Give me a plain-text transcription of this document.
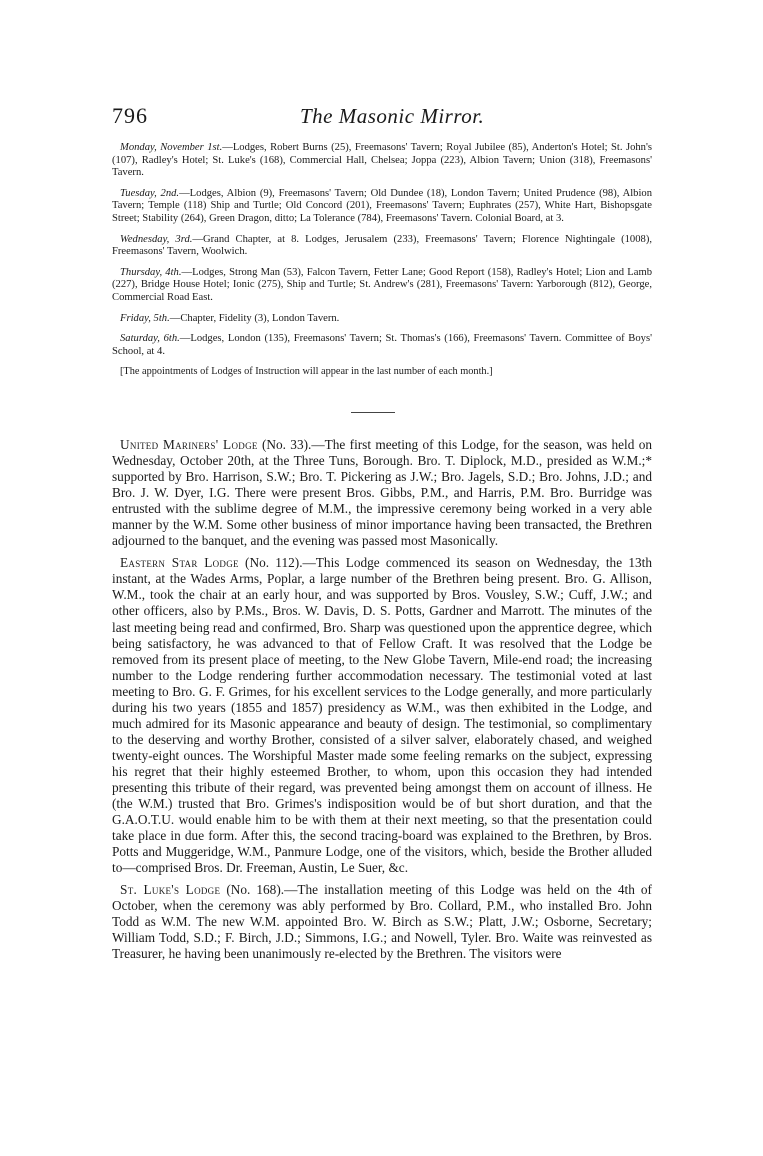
796	The Masonic Mirror.

Monday, November 1st.—Lodges, Robert Burns (25), Freemasons' Tavern; Royal Jubilee (85), Anderton's Hotel; St. John's (107), Radley's Hotel; St. Luke's (168), Commercial Hall, Chelsea; Joppa (223), Albion Tavern; Union (318), Freemasons' Tavern.

Tuesday, 2nd.—Lodges, Albion (9), Freemasons' Tavern; Old Dundee (18), London Tavern; United Prudence (98), Albion Tavern; Temple (118) Ship and Turtle; Old Concord (201), Freemasons' Tavern; Euphrates (257), White Hart, Bishopsgate Street; Stability (264), Green Dragon, ditto; La Tolerance (784), Freemasons' Tavern. Colonial Board, at 3.

Wednesday, 3rd.—Grand Chapter, at 8. Lodges, Jerusalem (233), Freemasons' Tavern; Florence Nightingale (1008), Freemasons' Tavern, Woolwich.

Thursday, 4th.—Lodges, Strong Man (53), Falcon Tavern, Fetter Lane; Good Report (158), Radley's Hotel; Lion and Lamb (227), Bridge House Hotel; Ionic (275), Ship and Turtle; St. Andrew's (281), Freemasons' Tavern: Yarborough (812), George, Commercial Road East.

Friday, 5th.—Chapter, Fidelity (3), London Tavern.

Saturday, 6th.—Lodges, London (135), Freemasons' Tavern; St. Thomas's (166), Freemasons' Tavern. Committee of Boys' School, at 4.

[The appointments of Lodges of Instruction will appear in the last number of each month.]

United Mariners' Lodge (No. 33).—The first meeting of this Lodge, for the season, was held on Wednesday, October 20th, at the Three Tuns, Borough. Bro. T. Diplock, M.D., presided as W.M.;* supported by Bro. Harrison, S.W.; Bro. T. Pickering as J.W.; Bro. Jagels, S.D.; Bro. Johns, J.D.; and Bro. J. W. Dyer, I.G. There were present Bros. Gibbs, P.M., and Harris, P.M. Bro. Burridge was entrusted with the sublime degree of M.M., the impressive ceremony being worked in a very able manner by the W.M. Some other business of minor importance having been transacted, the Brethren adjourned to the banquet, and the evening was passed most Masonically.

Eastern Star Lodge (No. 112).—This Lodge commenced its season on Wednesday, the 13th instant, at the Wades Arms, Poplar, a large number of the Brethren being present. Bro. G. Allison, W.M., took the chair at an early hour, and was supported by Bros. Vousley, S.W.; Cuff, J.W.; and other officers, also by P.Ms., Bros. W. Davis, D. S. Potts, Gardner and Marrott. The minutes of the last meeting being read and confirmed, Bro. Sharp was questioned upon the apprentice degree, which being satisfactory, he was advanced to that of Fellow Craft. It was resolved that the Lodge be removed from its present place of meeting, to the New Globe Tavern, Mile-end road; the increasing number to the Lodge rendering further accommodation necessary. The testimonial voted at last meeting to Bro. G. F. Grimes, for his excellent services to the Lodge generally, and more particularly during his two years (1855 and 1857) presidency as W.M., was then exhibited in the Lodge, and much admired for its Masonic appearance and beauty of design. The testimonial, so complimentary to the deserving and worthy Brother, consisted of a silver salver, elaborately chased, and weighed twenty-eight ounces. The Worshipful Master made some feeling remarks on the subject, expressing his regret that their highly esteemed Brother, to whom, upon this occasion they had intended presenting this tribute of their regard, was prevented being amongst them on account of illness. He (the W.M.) trusted that Bro. Grimes's indisposition would be of but short duration, and that the G.A.O.T.U. would enable him to be with them at their next meeting, so that the presentation could take place in due form. After this, the second tracing-board was explained to the Brethren, by Bros. Potts and Muggeridge, W.M., Panmure Lodge, one of the visitors, which, beside the Brother alluded to—comprised Bros. Dr. Freeman, Austin, Le Suer, &c.

St. Luke's Lodge (No. 168).—The installation meeting of this Lodge was held on the 4th of October, when the ceremony was ably performed by Bro. Collard, P.M., who installed Bro. John Todd as W.M. The new W.M. appointed Bro. W. Birch as S.W.; Platt, J.W.; Osborne, Secretary; William Todd, S.D.; F. Birch, J.D.; Simmons, I.G.; and Nowell, Tyler. Bro. Waite was reinvested as Treasurer, he having been unanimously re-elected by the Brethren. The visitors were
